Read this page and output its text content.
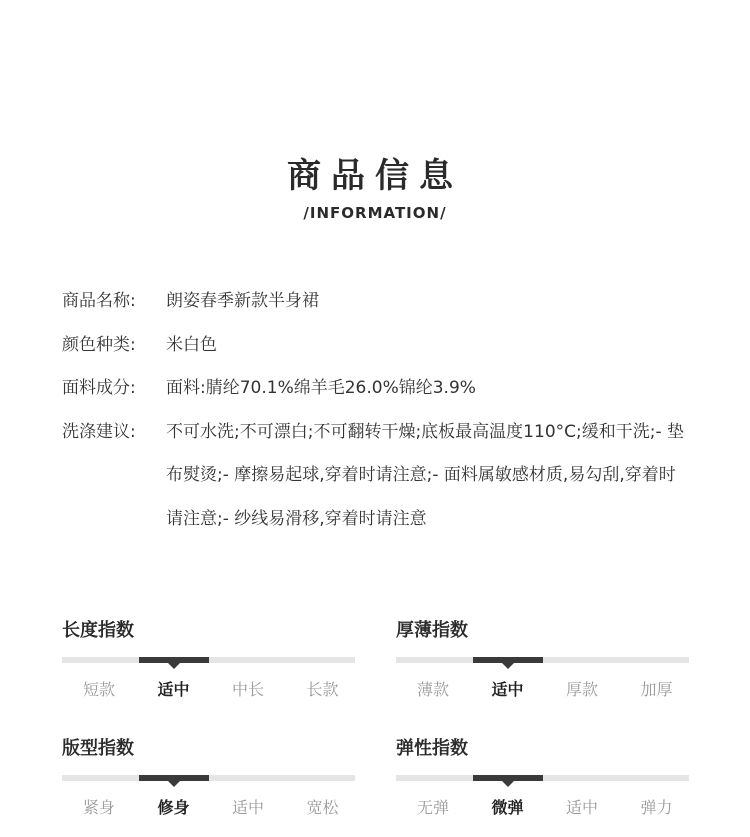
商品信息
/INFORMATION/
商品名称:	朗姿春季新款半身裙
颜色种类:	米白色
面料成分:	面料:腈纶70.1%绵羊毛26.0%锦纶3.9%
洗涤建议:	不可水洗;不可漂白;不可翻转干燥;底板最高温度110°C;缓和干洗;- 垫布熨烫;- 摩擦易起球,穿着时请注意;- 面料属敏感材质,易勾刮,穿着时请注意;- 纱线易滑移,穿着时请注意
长度指数
短款	适中	中长	长款
厚薄指数
薄款	适中	厚款	加厚
版型指数
紧身	修身	适中	宽松
弹性指数
无弹	微弹	适中	弹力
